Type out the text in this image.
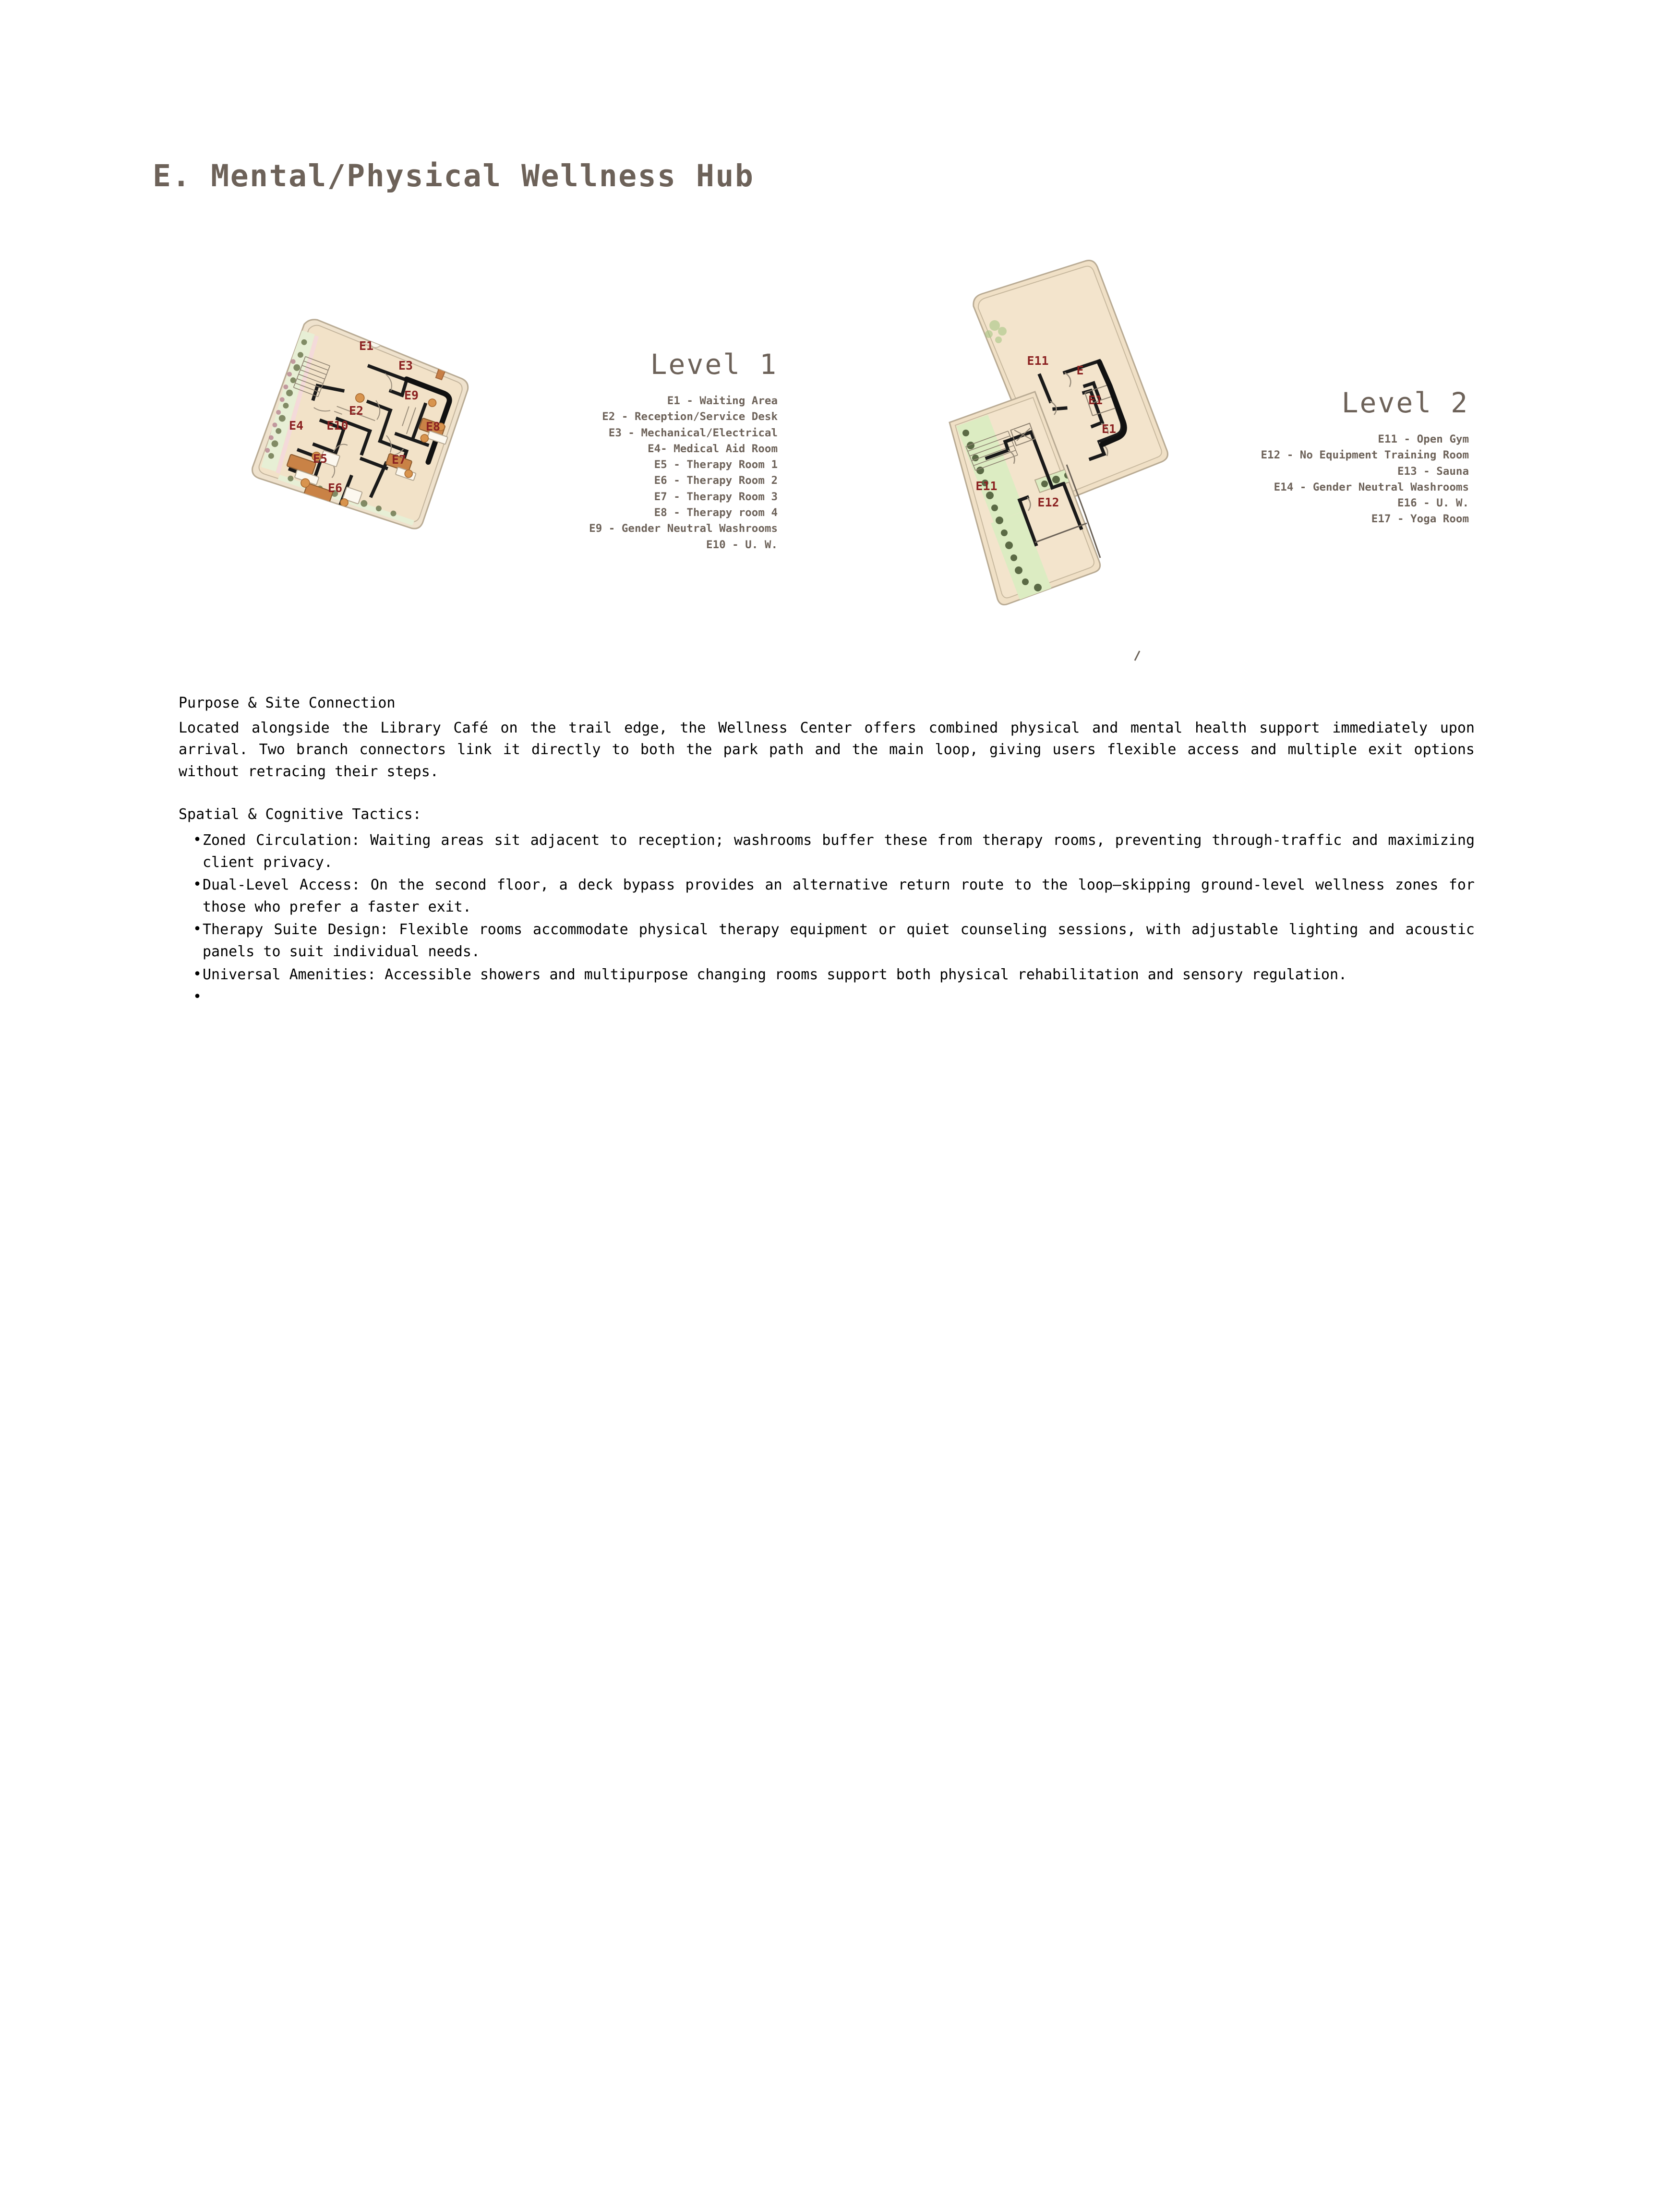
E. Mental/Physical Wellness Hub
E1
E3
E9
E2
E4 E10	E8
E5	E7
E6
E11
E
E1
E1
E11
E12
Level 1
E1 - Waiting Area
E2 - Reception/Service Desk
E3 - Mechanical/Electrical
E4- Medical Aid Room
E5 - Therapy Room 1
E6 - Therapy Room 2
E7 - Therapy Room 3
E8 - Therapy room 4
E9 - Gender Neutral Washrooms
E10 - U. W.
Level 2
E11 - Open Gym
E12 - No Equipment Training Room
E13 - Sauna
E14 - Gender Neutral Washrooms
E16 - U. W.
E17 - Yoga Room
Purpose & Site Connection

Located alongside the Library Café on the trail edge, the Wellness Center offers combined physical and mental health support immediately upon arrival. Two branch connectors link it directly to both the park path and the main loop, giving users flexible access and multiple exit options without retracing their steps.

Spatial & Cognitive Tactics:
• Zoned Circulation: Waiting areas sit adjacent to reception; washrooms buffer these from therapy rooms, preventing through-traffic and maximizing client privacy.
• Dual-Level Access: On the second floor, a deck bypass provides an alternative return route to the loop—skipping ground-level wellness zones for those who prefer a faster exit.
• Therapy Suite Design: Flexible rooms accommodate physical therapy equipment or quiet counseling sessions, with adjustable lighting and acoustic panels to suit individual needs.
• Universal Amenities: Accessible showers and multipurpose changing rooms support both physical rehabilitation and sensory regulation.
•
